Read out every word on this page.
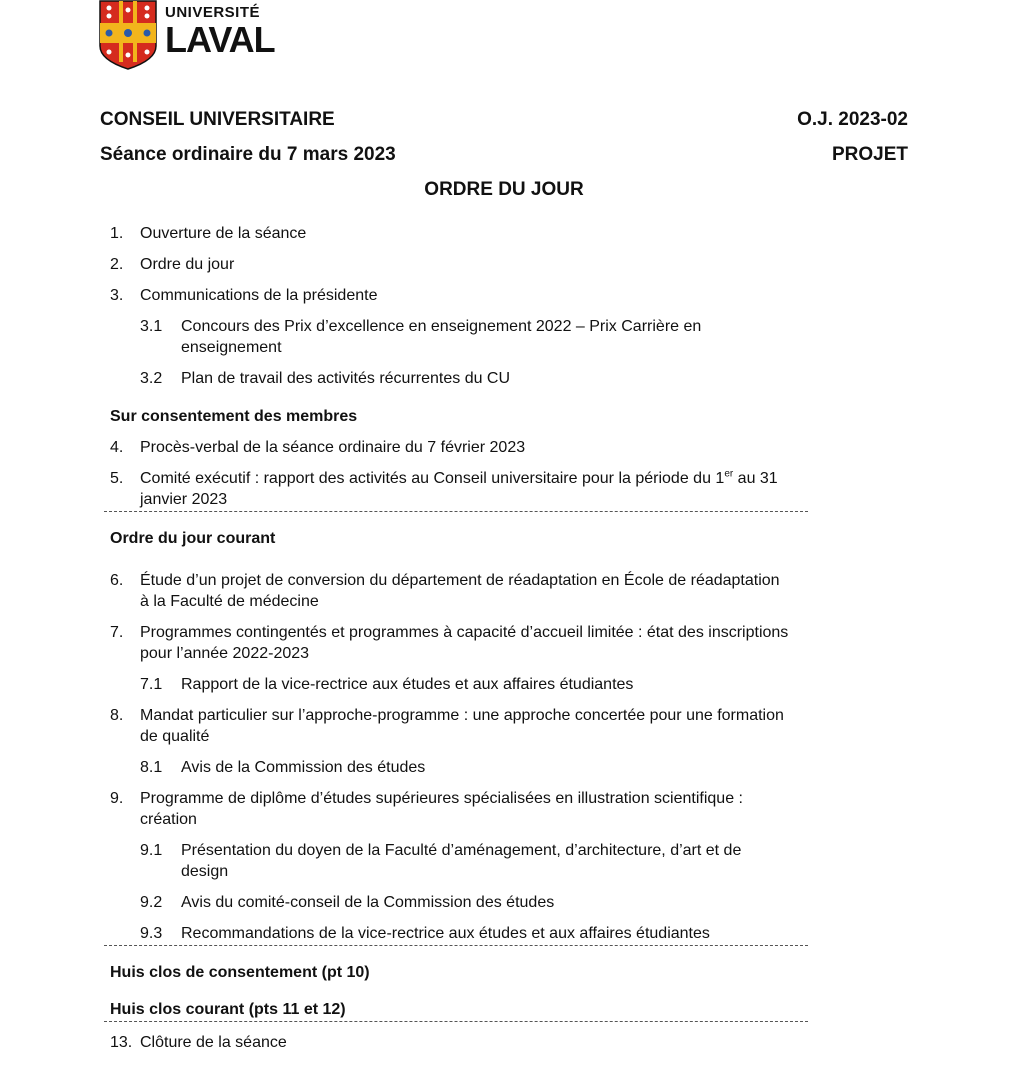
UNIVERSITÉ
LAVAL
CONSEIL UNIVERSITAIRE
Séance ordinaire du 7 mars 2023
O.J. 2023-02
PROJET
ORDRE DU JOUR
1. Ouverture de la séance
2. Ordre du jour
3. Communications de la présidente
3.1 Concours des Prix d’excellence en enseignement 2022 – Prix Carrière en enseignement
3.2 Plan de travail des activités récurrentes du CU
Sur consentement des membres
4. Procès-verbal de la séance ordinaire du 7 février 2023
5. Comité exécutif : rapport des activités au Conseil universitaire pour la période du 1er au 31 janvier 2023
Ordre du jour courant
6. Étude d’un projet de conversion du département de réadaptation en École de réadaptation à la Faculté de médecine
7. Programmes contingentés et programmes à capacité d’accueil limitée : état des inscriptions pour l’année 2022-2023
7.1 Rapport de la vice-rectrice aux études et aux affaires étudiantes
8. Mandat particulier sur l’approche-programme : une approche concertée pour une formation de qualité
8.1 Avis de la Commission des études
9. Programme de diplôme d’études supérieures spécialisées en illustration scientifique : création
9.1 Présentation du doyen de la Faculté d’aménagement, d’architecture, d’art et de design
9.2 Avis du comité-conseil de la Commission des études
9.3 Recommandations de la vice-rectrice aux études et aux affaires étudiantes
Huis clos de consentement (pt 10)
Huis clos courant (pts 11 et 12)
13. Clôture de la séance
